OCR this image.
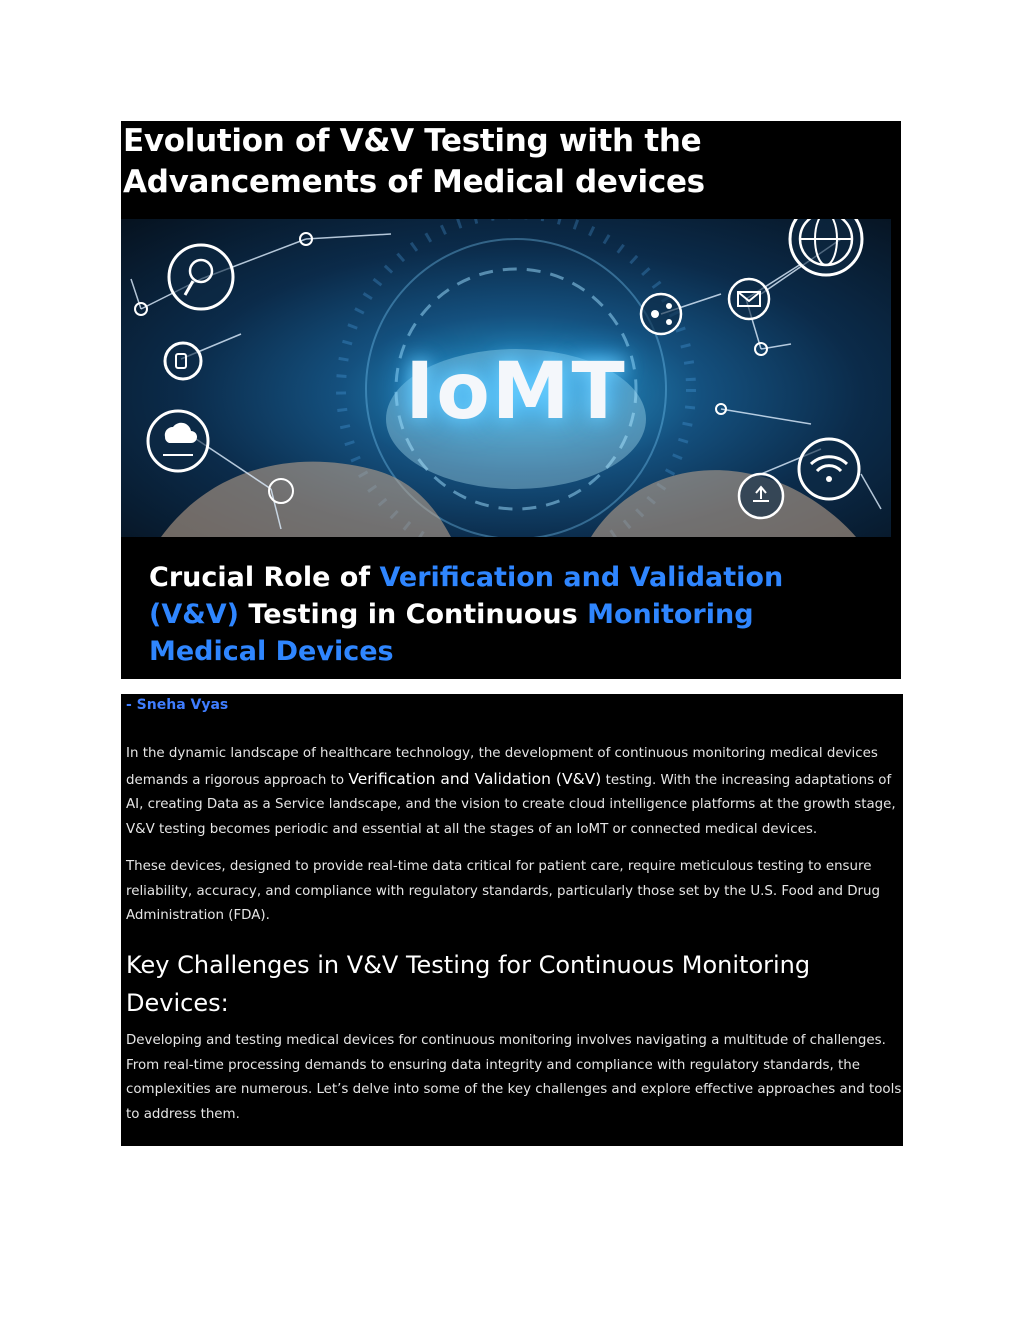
Evolution of V&V Testing with the
Advancements of Medical devices
IoMT
Crucial Role of Verification and Validation
(V&V) Testing in Continuous Monitoring
Medical Devices
- Sneha Vyas
In the dynamic landscape of healthcare technology, the development of continuous monitoring medical devices
demands a rigorous approach to Verification and Validation (V&V) testing. With the increasing adaptations of
AI, creating Data as a Service landscape, and the vision to create cloud intelligence platforms at the growth stage,
V&V testing becomes periodic and essential at all the stages of an IoMT or connected medical devices.
These devices, designed to provide real-time data critical for patient care, require meticulous testing to ensure
reliability, accuracy, and compliance with regulatory standards, particularly those set by the U.S. Food and Drug
Administration (FDA).
Key Challenges in V&V Testing for Continuous Monitoring
Devices:
Developing and testing medical devices for continuous monitoring involves navigating a multitude of challenges.
From real-time processing demands to ensuring data integrity and compliance with regulatory standards, the
complexities are numerous. Let’s delve into some of the key challenges and explore effective approaches and tools
to address them.
